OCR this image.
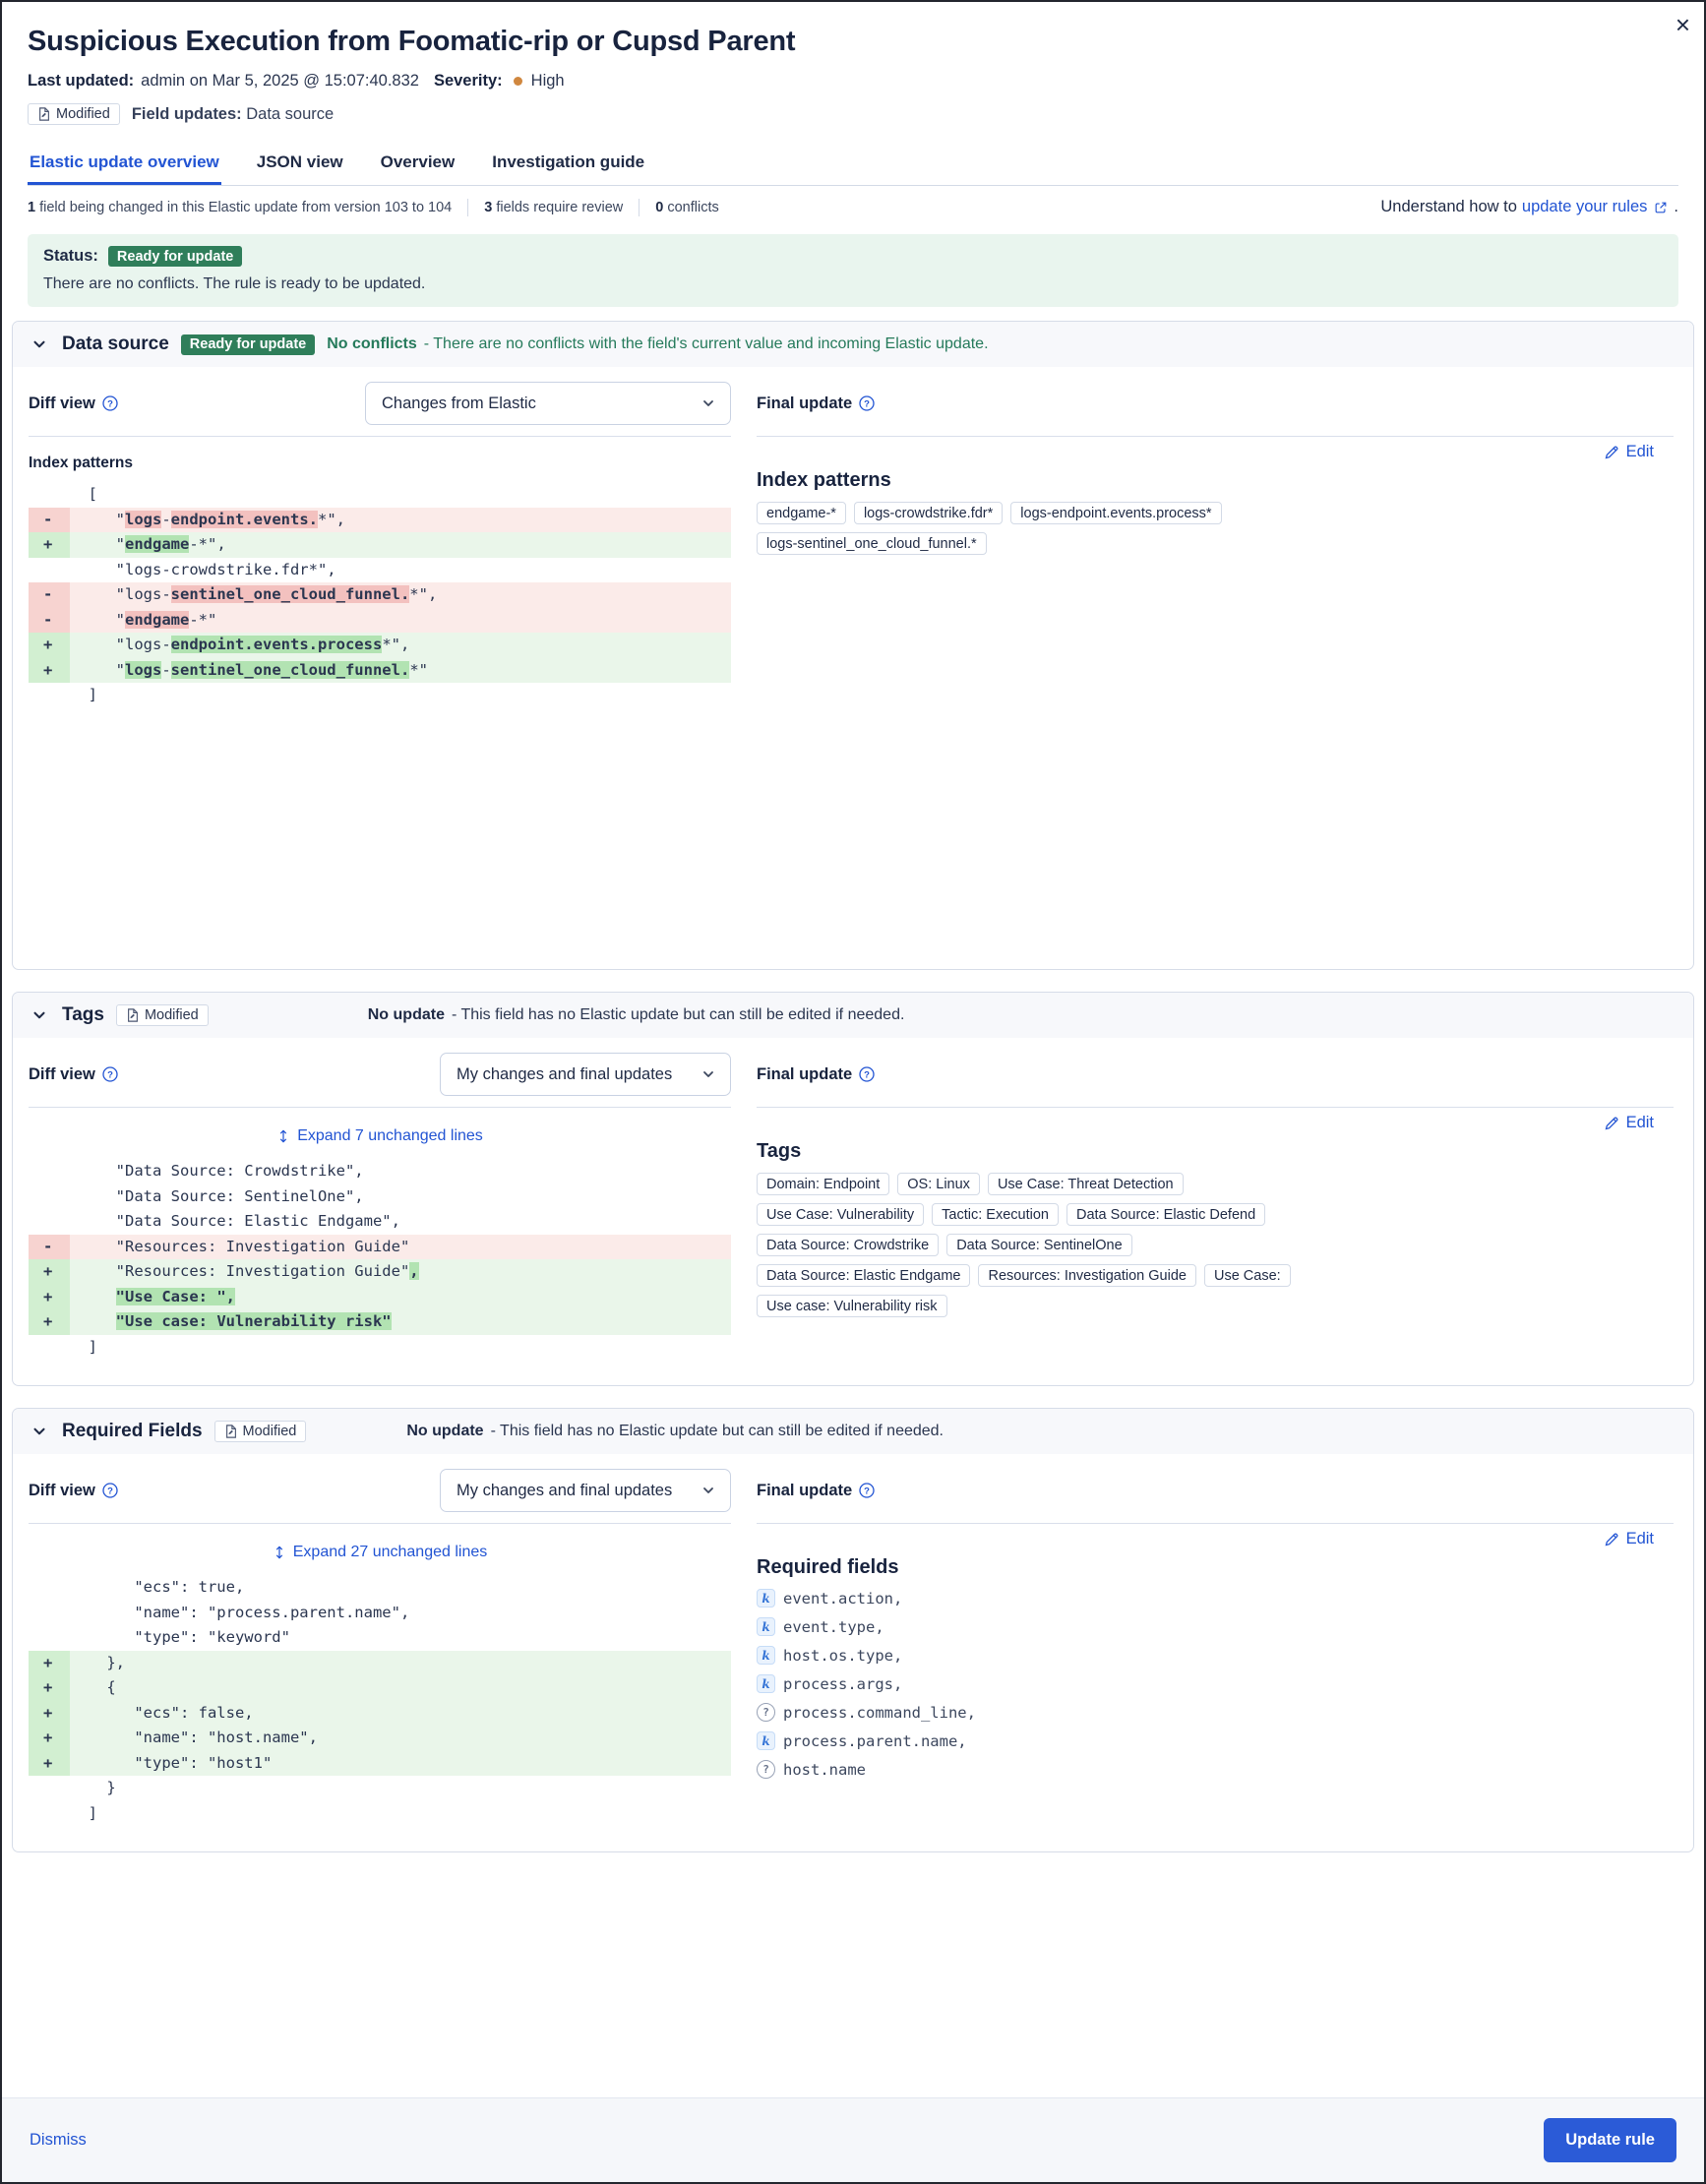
×
Suspicious Execution from Foomatic-rip or Cupsd Parent
Last updated: admin on Mar 5, 2025 @ 15:07:40.832 Severity: High
Modified Field updates: Data source
Elastic update overview JSON view Overview Investigation guide
1 field being changed in this Elastic update from version 103 to 104 3 fields require review 0 conflicts	Understand how to update your rules .
Status:	Ready for update
There are no conflicts. The rule is ready to be updated.
Data source	Ready for update	No conflicts - There are no conflicts with the field's current value and incoming Elastic update.
Diff view ?	Changes from Elastic
Index patterns
[
-	"logs-endpoint.events.*",
+	"endgame-*",
"logs-crowdstrike.fdr*",
-	"logs-sentinel_one_cloud_funnel.*",
-	"endgame-*"
+	"logs-endpoint.events.process*",
+	"logs-sentinel_one_cloud_funnel.*"
]
Final update ?
Edit
Index patterns
endgame-*	logs-crowdstrike.fdr*	logs-endpoint.events.process*
logs-sentinel_one_cloud_funnel.*
Tags	Modified	No update - This field has no Elastic update but can still be edited if needed.
Diff view ?	My changes and final updates
Expand 7 unchanged lines
"Data Source: Crowdstrike",
"Data Source: SentinelOne",
"Data Source: Elastic Endgame",
-	"Resources: Investigation Guide"
+	"Resources: Investigation Guide",
+	"Use Case: ",
+	"Use case: Vulnerability risk"
]
Final update ?
Edit
Tags
Domain: Endpoint	OS: Linux	Use Case: Threat Detection
Use Case: Vulnerability	Tactic: Execution	Data Source: Elastic Defend
Data Source: Crowdstrike	Data Source: SentinelOne
Data Source: Elastic Endgame	Resources: Investigation Guide	Use Case:
Use case: Vulnerability risk
Required Fields	Modified	No update - This field has no Elastic update but can still be edited if needed.
Diff view ?	My changes and final updates
Expand 27 unchanged lines
"ecs": true,
"name": "process.parent.name",
"type": "keyword"
+	},
+	{
+	"ecs": false,
+	"name": "host.name",
+	"type": "host1"
}
]
Final update ?
Edit
Required fields
k event.action,
k event.type,
k host.os.type,
k process.args,
? process.command_line,
k process.parent.name,
? host.name
Dismiss	Update rule
